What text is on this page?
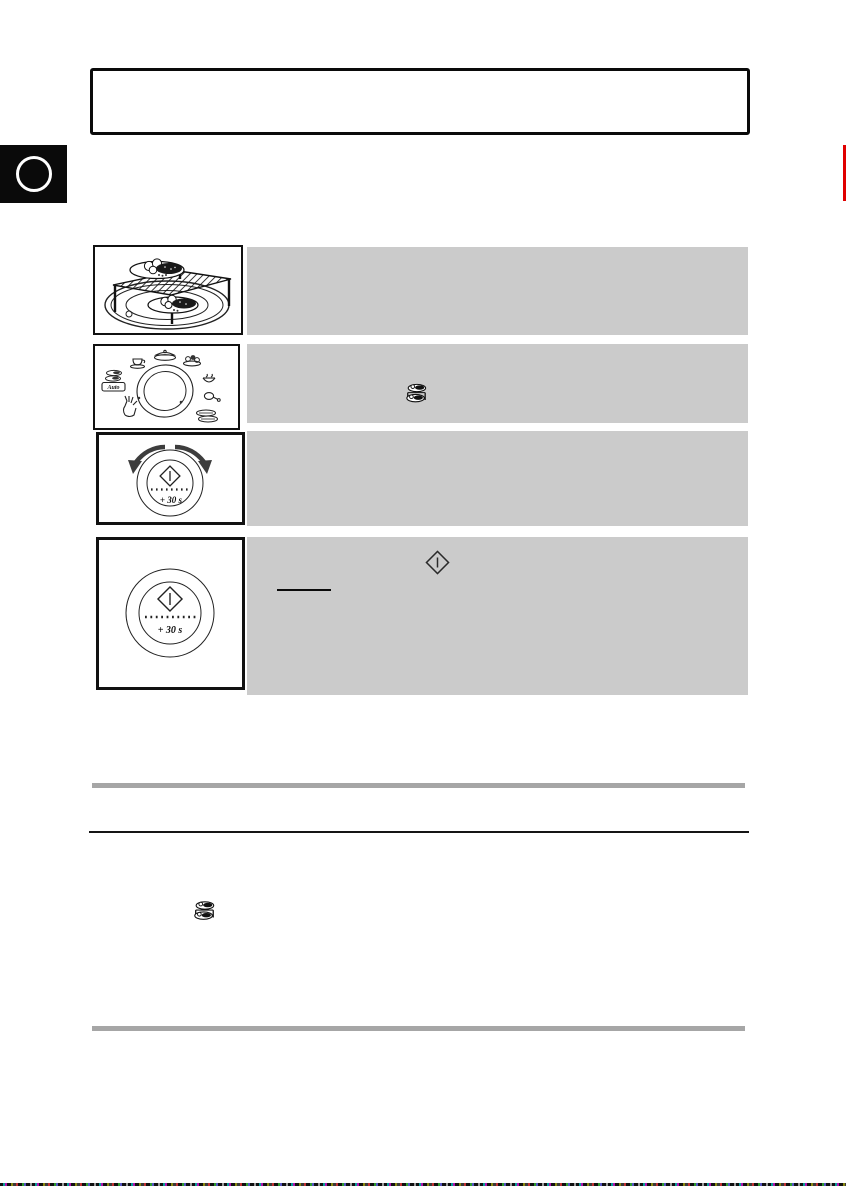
Auto
+ 30 s
+ 30 s
